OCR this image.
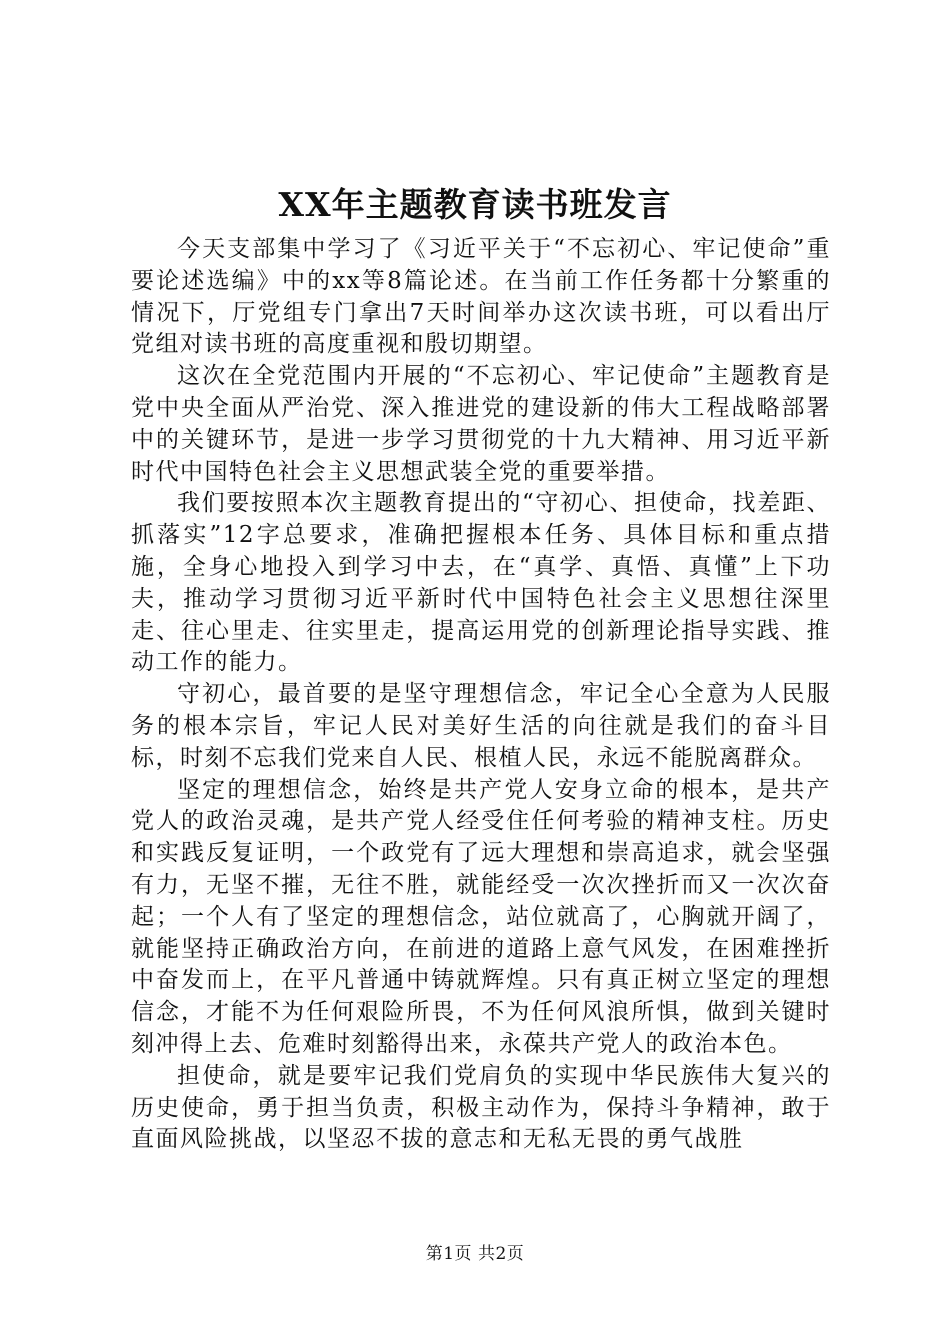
XX年主题教育读书班发言

今天支部集中学习了《习近平关于“不忘初心、牢记使命”重要论述选编》中的xx等8篇论述。在当前工作任务都十分繁重的情况下，厅党组专门拿出7天时间举办这次读书班，可以看出厅党组对读书班的高度重视和殷切期望。

这次在全党范围内开展的“不忘初心、牢记使命”主题教育是党中央全面从严治党、深入推进党的建设新的伟大工程战略部署中的关键环节，是进一步学习贯彻党的十九大精神、用习近平新时代中国特色社会主义思想武装全党的重要举措。

我们要按照本次主题教育提出的“守初心、担使命，找差距、抓落实”12字总要求，准确把握根本任务、具体目标和重点措施，全身心地投入到学习中去，在“真学、真悟、真懂”上下功夫，推动学习贯彻习近平新时代中国特色社会主义思想往深里走、往心里走、往实里走，提高运用党的创新理论指导实践、推动工作的能力。

守初心，最首要的是坚守理想信念，牢记全心全意为人民服务的根本宗旨，牢记人民对美好生活的向往就是我们的奋斗目标，时刻不忘我们党来自人民、根植人民，永远不能脱离群众。

坚定的理想信念，始终是共产党人安身立命的根本，是共产党人的政治灵魂，是共产党人经受住任何考验的精神支柱。历史和实践反复证明，一个政党有了远大理想和崇高追求，就会坚强有力，无坚不摧，无往不胜，就能经受一次次挫折而又一次次奋起；一个人有了坚定的理想信念，站位就高了，心胸就开阔了，就能坚持正确政治方向，在前进的道路上意气风发，在困难挫折中奋发而上，在平凡普通中铸就辉煌。只有真正树立坚定的理想信念，才能不为任何艰险所畏，不为任何风浪所惧，做到关键时刻冲得上去、危难时刻豁得出来，永葆共产党人的政治本色。

担使命，就是要牢记我们党肩负的实现中华民族伟大复兴的历史使命，勇于担当负责，积极主动作为，保持斗争精神，敢于直面风险挑战，以坚忍不拔的意志和无私无畏的勇气战胜

第1页 共2页
